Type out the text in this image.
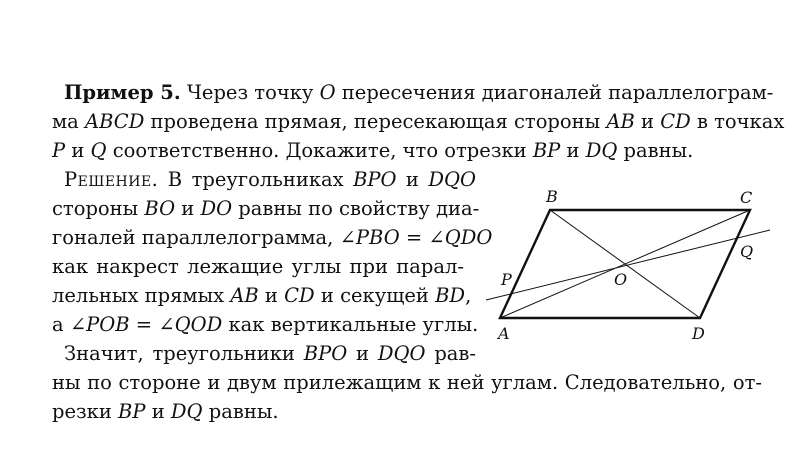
Пример 5. Через точку O пересечения диагоналей параллелограм-
ма ABCD проведена прямая, пересекающая стороны AB и CD в точках
P и Q соответственно. Докажите, что отрезки BP и DQ равны.
Решение. В треугольниках BPO и DQO
стороны BO и DO равны по свойству диа-
гоналей параллелограмма, ∠PBO = ∠QDO
как накрест лежащие углы при парал-
лельных прямых AB и CD и секущей BD,
а ∠POB = ∠QOD как вертикальные углы.
Значит, треугольники BPO и DQO рав-
ны по стороне и двум прилежащим к ней углам. Следовательно, от-
резки BP и DQ равны.
B	C
Q
O
P
A	D
